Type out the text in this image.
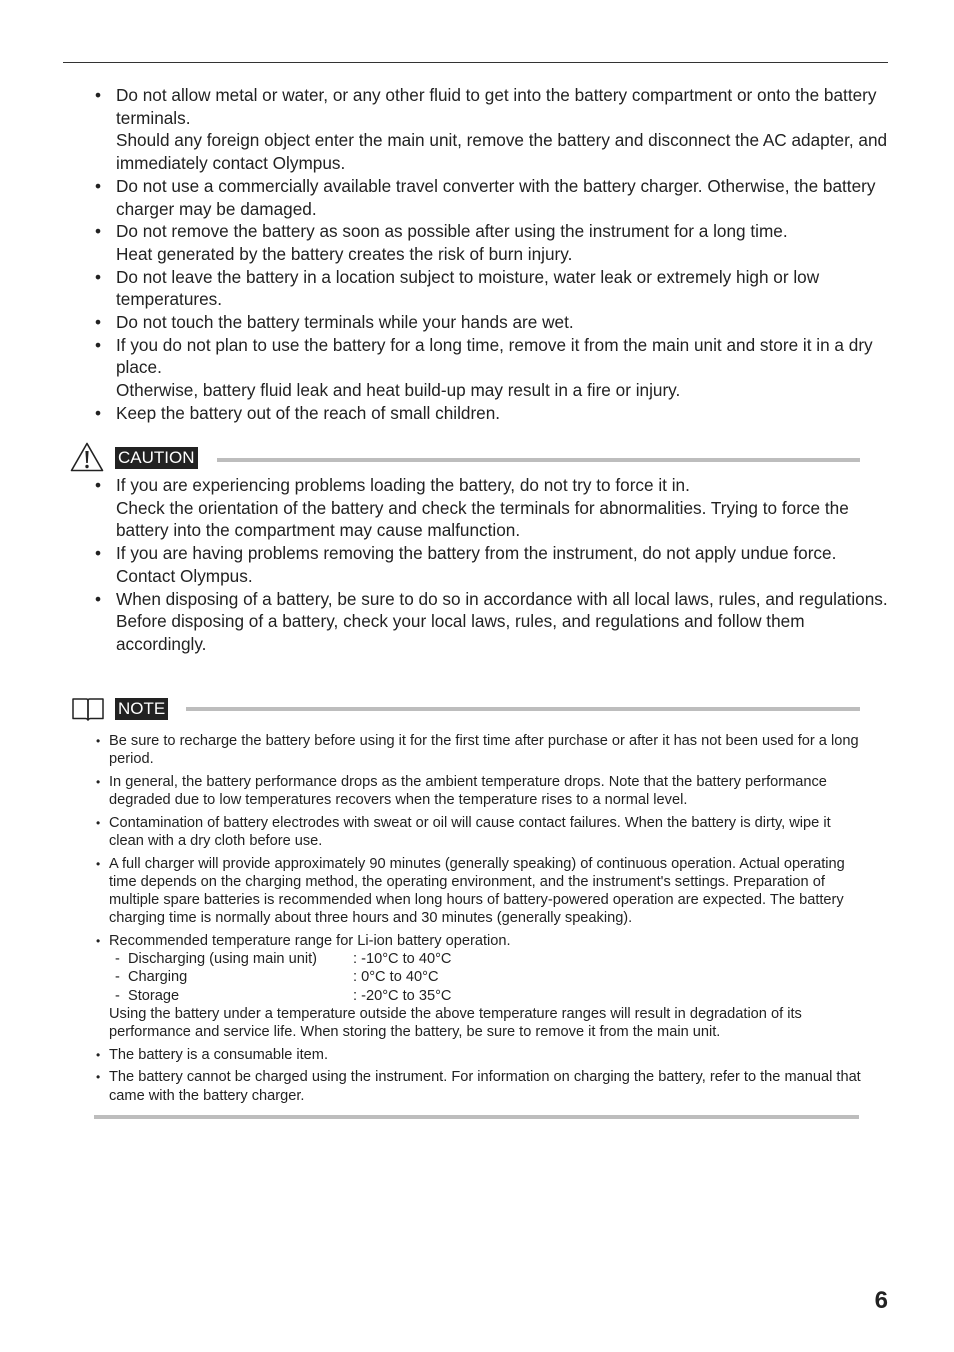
• Do not allow metal or water, or any other fluid to get into the battery compartment or onto the battery terminals.

Should any foreign object enter the main unit, remove the battery and disconnect the AC adapter, and immediately contact Olympus.

• Do not use a commercially available travel converter with the battery charger. Otherwise, the battery charger may be damaged.

• Do not remove the battery as soon as possible after using the instrument for a long time.

Heat generated by the battery creates the risk of burn injury.

• Do not leave the battery in a location subject to moisture, water leak or extremely high or low temperatures.

• Do not touch the battery terminals while your hands are wet.

• If you do not plan to use the battery for a long time, remove it from the main unit and store it in a dry place.

Otherwise, battery fluid leak and heat build-up may result in a fire or injury.

• Keep the battery out of the reach of small children.

CAUTION

• If you are experiencing problems loading the battery, do not try to force it in.

Check the orientation of the battery and check the terminals for abnormalities. Trying to force the battery into the compartment may cause malfunction.

• If you are having problems removing the battery from the instrument, do not apply undue force.

Contact Olympus.

• When disposing of a battery, be sure to do so in accordance with all local laws, rules, and regulations.

Before disposing of a battery, check your local laws, rules, and regulations and follow them accordingly.

NOTE

• Be sure to recharge the battery before using it for the first time after purchase or after it has not been used for a long period.

• In general, the battery performance drops as the ambient temperature drops. Note that the battery performance degraded due to low temperatures recovers when the temperature rises to a normal level.

• Contamination of battery electrodes with sweat or oil will cause contact failures. When the battery is dirty, wipe it clean with a dry cloth before use.

• A full charger will provide approximately 90 minutes (generally speaking) of continuous operation. Actual operating time depends on the charging method, the operating environment, and the instrument's settings. Preparation of multiple spare batteries is recommended when long hours of battery-powered operation are expected. The battery charging time is normally about three hours and 30 minutes (generally speaking).

• Recommended temperature range for Li-ion battery operation.

- Discharging (using main unit)	: -10°C to 40°C
- Charging	: 0°C to 40°C
- Storage	: -20°C to 35°C

Using the battery under a temperature outside the above temperature ranges will result in degradation of its performance and service life. When storing the battery, be sure to remove it from the main unit.

• The battery is a consumable item.

• The battery cannot be charged using the instrument. For information on charging the battery, refer to the manual that came with the battery charger.

6
